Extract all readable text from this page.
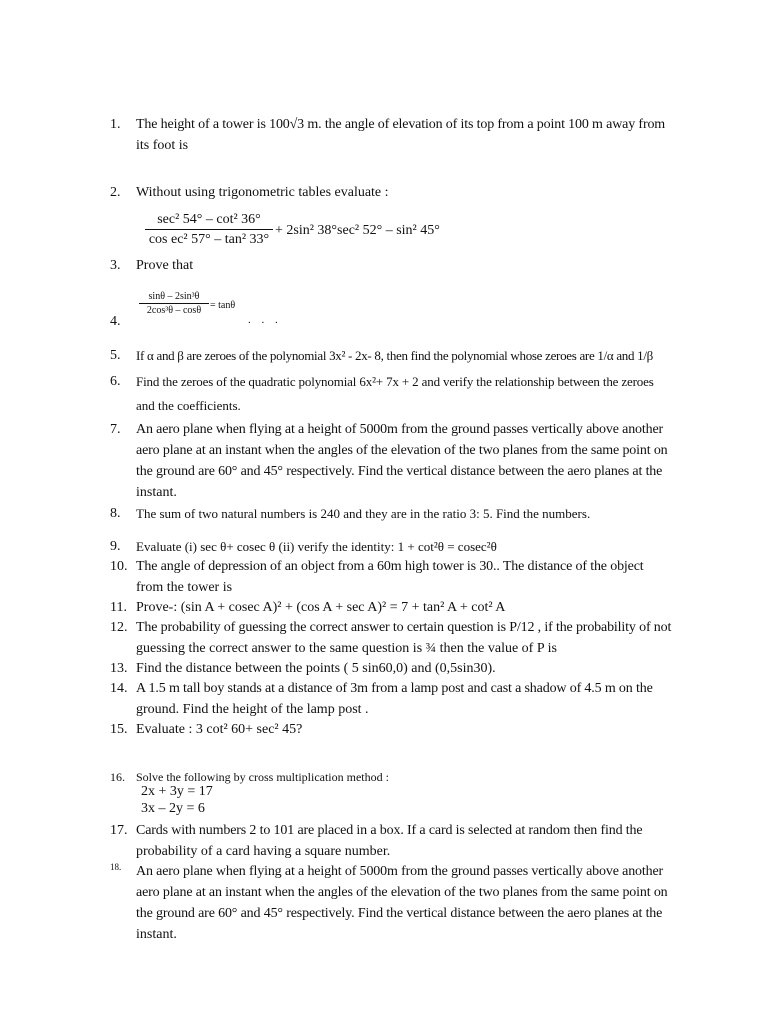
1.	The height of a tower is 100√3 m. the angle of elevation of its top from a point 100 m away from
its foot is
2.	Without using trigonometric tables evaluate :
sec² 54° – cot² 36°
cos ec² 57° – tan² 33°
+ 2sin² 38°sec² 52° – sin² 45°
3.	Prove that
4.
sinθ – 2sin³θ
2cos³θ – cosθ = tanθ
. . .
5.	If α and β are zeroes of the polynomial 3x² - 2x- 8, then find the polynomial whose zeroes are 1/α and 1/β
6.	Find the zeroes of the quadratic polynomial 6x²+ 7x + 2 and verify the relationship between the zeroes
and the coefficients.
7.	An aero plane when flying at a height of 5000m from the ground passes vertically above another
aero plane at an instant when the angles of the elevation of the two planes from the same point on
the ground are 60° and 45° respectively. Find the vertical distance between the aero planes at the
instant.
8.	The sum of two natural numbers is 240 and they are in the ratio 3: 5. Find the numbers.
9.	Evaluate (i) sec θ+ cosec θ (ii) verify the identity: 1 + cot²θ = cosec²θ
10. The angle of depression of an object from a 60m high tower is 30.. The distance of the object
from the tower is
11. Prove-: (sin A + cosec A)² + (cos A + sec A)² = 7 + tan² A + cot² A
12. The probability of guessing the correct answer to certain question is P/12 , if the probability of not
guessing the correct answer to the same question is ¾ then the value of P is
13. Find the distance between the points ( 5 sin60,0) and (0,5sin30).
14. A 1.5 m tall boy stands at a distance of 3m from a lamp post and cast a shadow of 4.5 m on the
ground. Find the height of the lamp post .
15. Evaluate : 3 cot² 60+ sec² 45?
16. Solve the following by cross multiplication method :
2x + 3y = 17
3x – 2y = 6
17. Cards with numbers 2 to 101 are placed in a box. If a card is selected at random then find the
probability of a card having a square number.
18.	An aero plane when flying at a height of 5000m from the ground passes vertically above another
aero plane at an instant when the angles of the elevation of the two planes from the same point on
the ground are 60° and 45° respectively. Find the vertical distance between the aero planes at the
instant.
